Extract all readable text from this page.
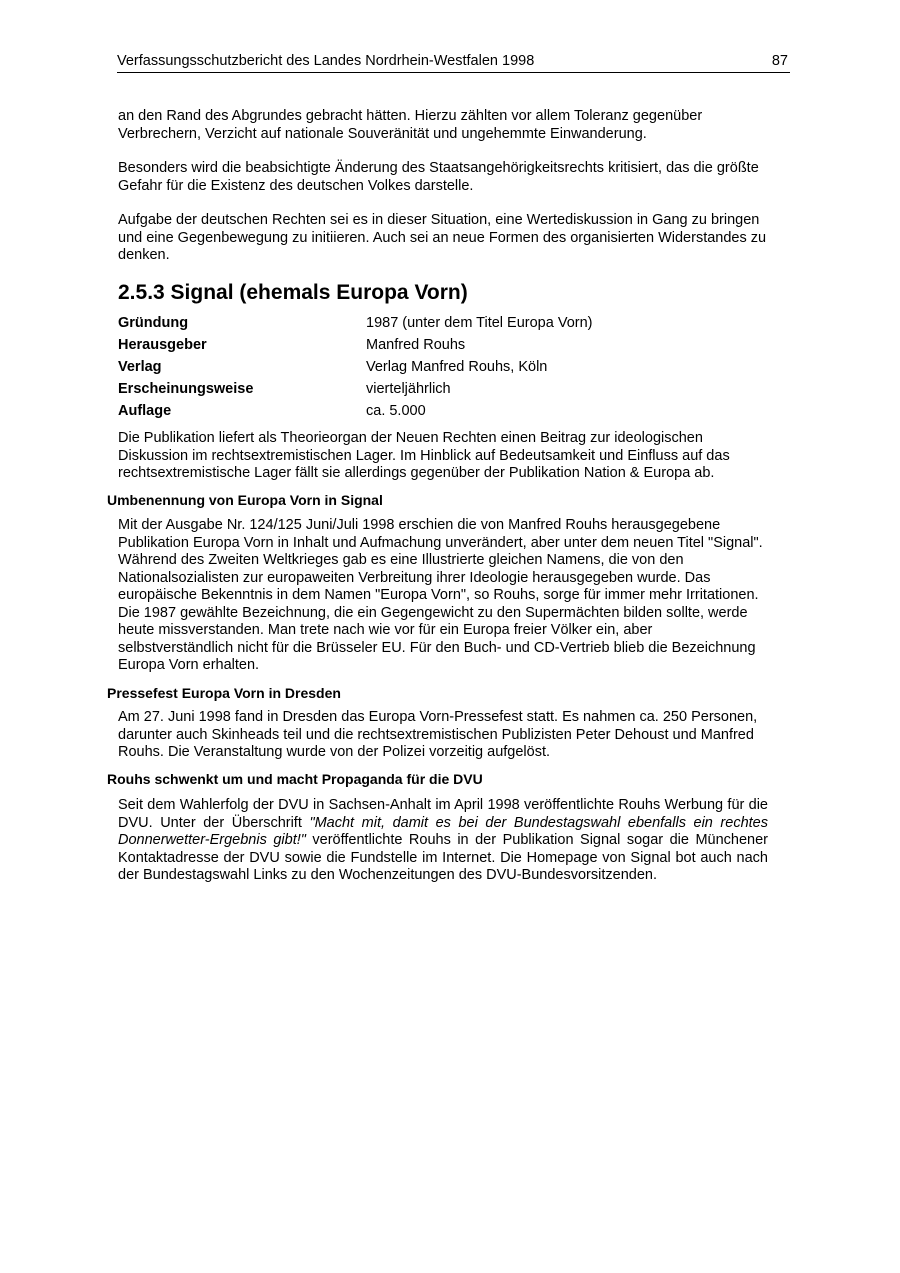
Verfassungsschutzbericht des Landes Nordrhein-Westfalen 1998	87

an den Rand des Abgrundes gebracht hätten. Hierzu zählten vor allem Toleranz gegenüber Verbrechern, Verzicht auf nationale Souveränität und ungehemmte Einwanderung.

Besonders wird die beabsichtigte Änderung des Staatsangehörigkeitsrechts kritisiert, das die größte Gefahr für die Existenz des deutschen Volkes darstelle.

Aufgabe der deutschen Rechten sei es in dieser Situation, eine Wertediskussion in Gang zu bringen und eine Gegenbewegung zu initiieren. Auch sei an neue Formen des organisierten Widerstandes zu denken.

2.5.3 Signal (ehemals Europa Vorn)
Gründung	1987 (unter dem Titel Europa Vorn)
Herausgeber	Manfred Rouhs
Verlag	Verlag Manfred Rouhs, Köln
Erscheinungsweise	vierteljährlich
Auflage	ca. 5.000

Die Publikation liefert als Theorieorgan der Neuen Rechten einen Beitrag zur ideologischen Diskussion im rechtsextremistischen Lager. Im Hinblick auf Bedeutsamkeit und Einfluss auf das rechtsextremistische Lager fällt sie allerdings gegenüber der Publikation Nation & Europa ab.

Umbenennung von Europa Vorn in Signal

Mit der Ausgabe Nr. 124/125 Juni/Juli 1998 erschien die von Manfred Rouhs herausgegebene Publikation Europa Vorn in Inhalt und Aufmachung unverändert, aber unter dem neuen Titel "Signal". Während des Zweiten Weltkrieges gab es eine Illustrierte gleichen Namens, die von den Nationalsozialisten zur europaweiten Verbreitung ihrer Ideologie herausgegeben wurde. Das europäische Bekenntnis in dem Namen "Europa Vorn", so Rouhs, sorge für immer mehr Irritationen. Die 1987 gewählte Bezeichnung, die ein Gegengewicht zu den Supermächten bilden sollte, werde heute missverstanden. Man trete nach wie vor für ein Europa freier Völker ein, aber selbstverständlich nicht für die Brüsseler EU. Für den Buch- und CD-Vertrieb blieb die Bezeichnung Europa Vorn erhalten.

Pressefest Europa Vorn in Dresden

Am 27. Juni 1998 fand in Dresden das Europa Vorn-Pressefest statt. Es nahmen ca. 250 Personen, darunter auch Skinheads teil und die rechtsextremistischen Publizisten Peter Dehoust und Manfred Rouhs. Die Veranstaltung wurde von der Polizei vorzeitig aufgelöst.

Rouhs schwenkt um und macht Propaganda für die DVU

Seit dem Wahlerfolg der DVU in Sachsen-Anhalt im April 1998 veröffentlichte Rouhs Werbung für die DVU. Unter der Überschrift "Macht mit, damit es bei der Bundestagswahl ebenfalls ein rechtes Donnerwetter-Ergebnis gibt!" veröffentlichte Rouhs in der Publikation Signal sogar die Münchener Kontaktadresse der DVU sowie die Fundstelle im Internet. Die Homepage von Signal bot auch nach der Bundestagswahl Links zu den Wochenzeitungen des DVU-Bundesvorsitzenden.
